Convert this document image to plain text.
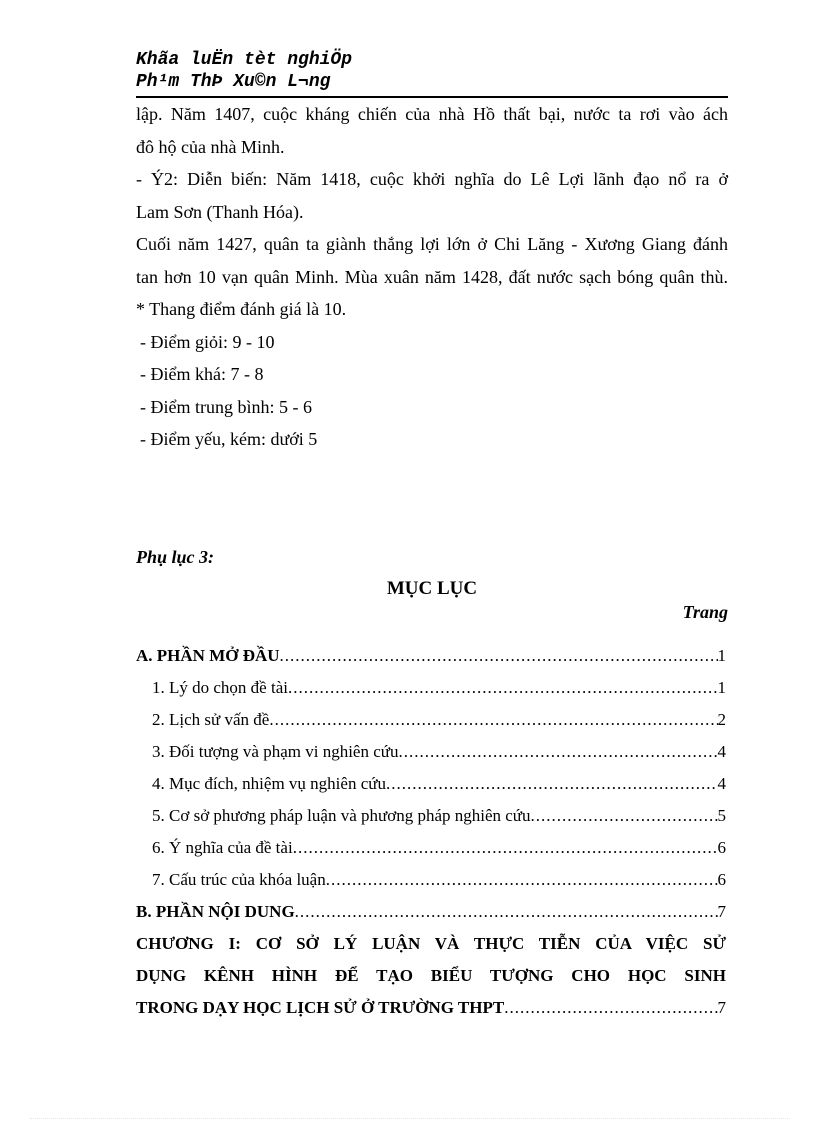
Khãa luËn tèt nghiÖp
Ph¹m ThÞ Xu©n L¬ng

lập. Năm 1407, cuộc kháng chiến của nhà Hồ thất bại, nước ta rơi vào ách

đô hộ của nhà Minh.

- Ý2: Diễn biến: Năm 1418, cuộc khởi nghĩa do Lê Lợi lãnh đạo nổ ra ở

Lam Sơn (Thanh Hóa).

Cuối năm 1427, quân ta giành thắng lợi lớn ở Chi Lăng - Xương Giang đánh

tan hơn 10 vạn quân Minh. Mùa xuân năm 1428, đất nước sạch bóng quân thù.

* Thang điểm đánh giá là 10.

- Điểm giỏi: 9 - 10

- Điểm khá: 7 - 8

- Điểm trung bình: 5 - 6

- Điểm yếu, kém: dưới 5

Phụ lục 3:
MỤC LỤC
Trang
A. PHẦN MỞ ĐẦU .....	1
1. Lý do chọn đề tài .....	1
2. Lịch sử vấn đề .....	2
3. Đối tượng và phạm vi nghiên cứu .....	4
4. Mục đích, nhiệm vụ nghiên cứu .....	4
5. Cơ sở phương pháp luận và phương pháp nghiên cứu .....	5
6. Ý nghĩa của đề tài .....	6
7. Cấu trúc của khóa luận .....	6
B. PHẦN NỘI DUNG .....	7
CHƯƠNG I: CƠ SỞ LÝ LUẬN VÀ THỰC TIỄN CỦA VIỆC SỬ
DỤNG KÊNH HÌNH ĐỂ TẠO BIỂU TƯỢNG CHO HỌC SINH
TRONG DẠY HỌC LỊCH SỬ Ở TRƯỜNG THPT .....	7
